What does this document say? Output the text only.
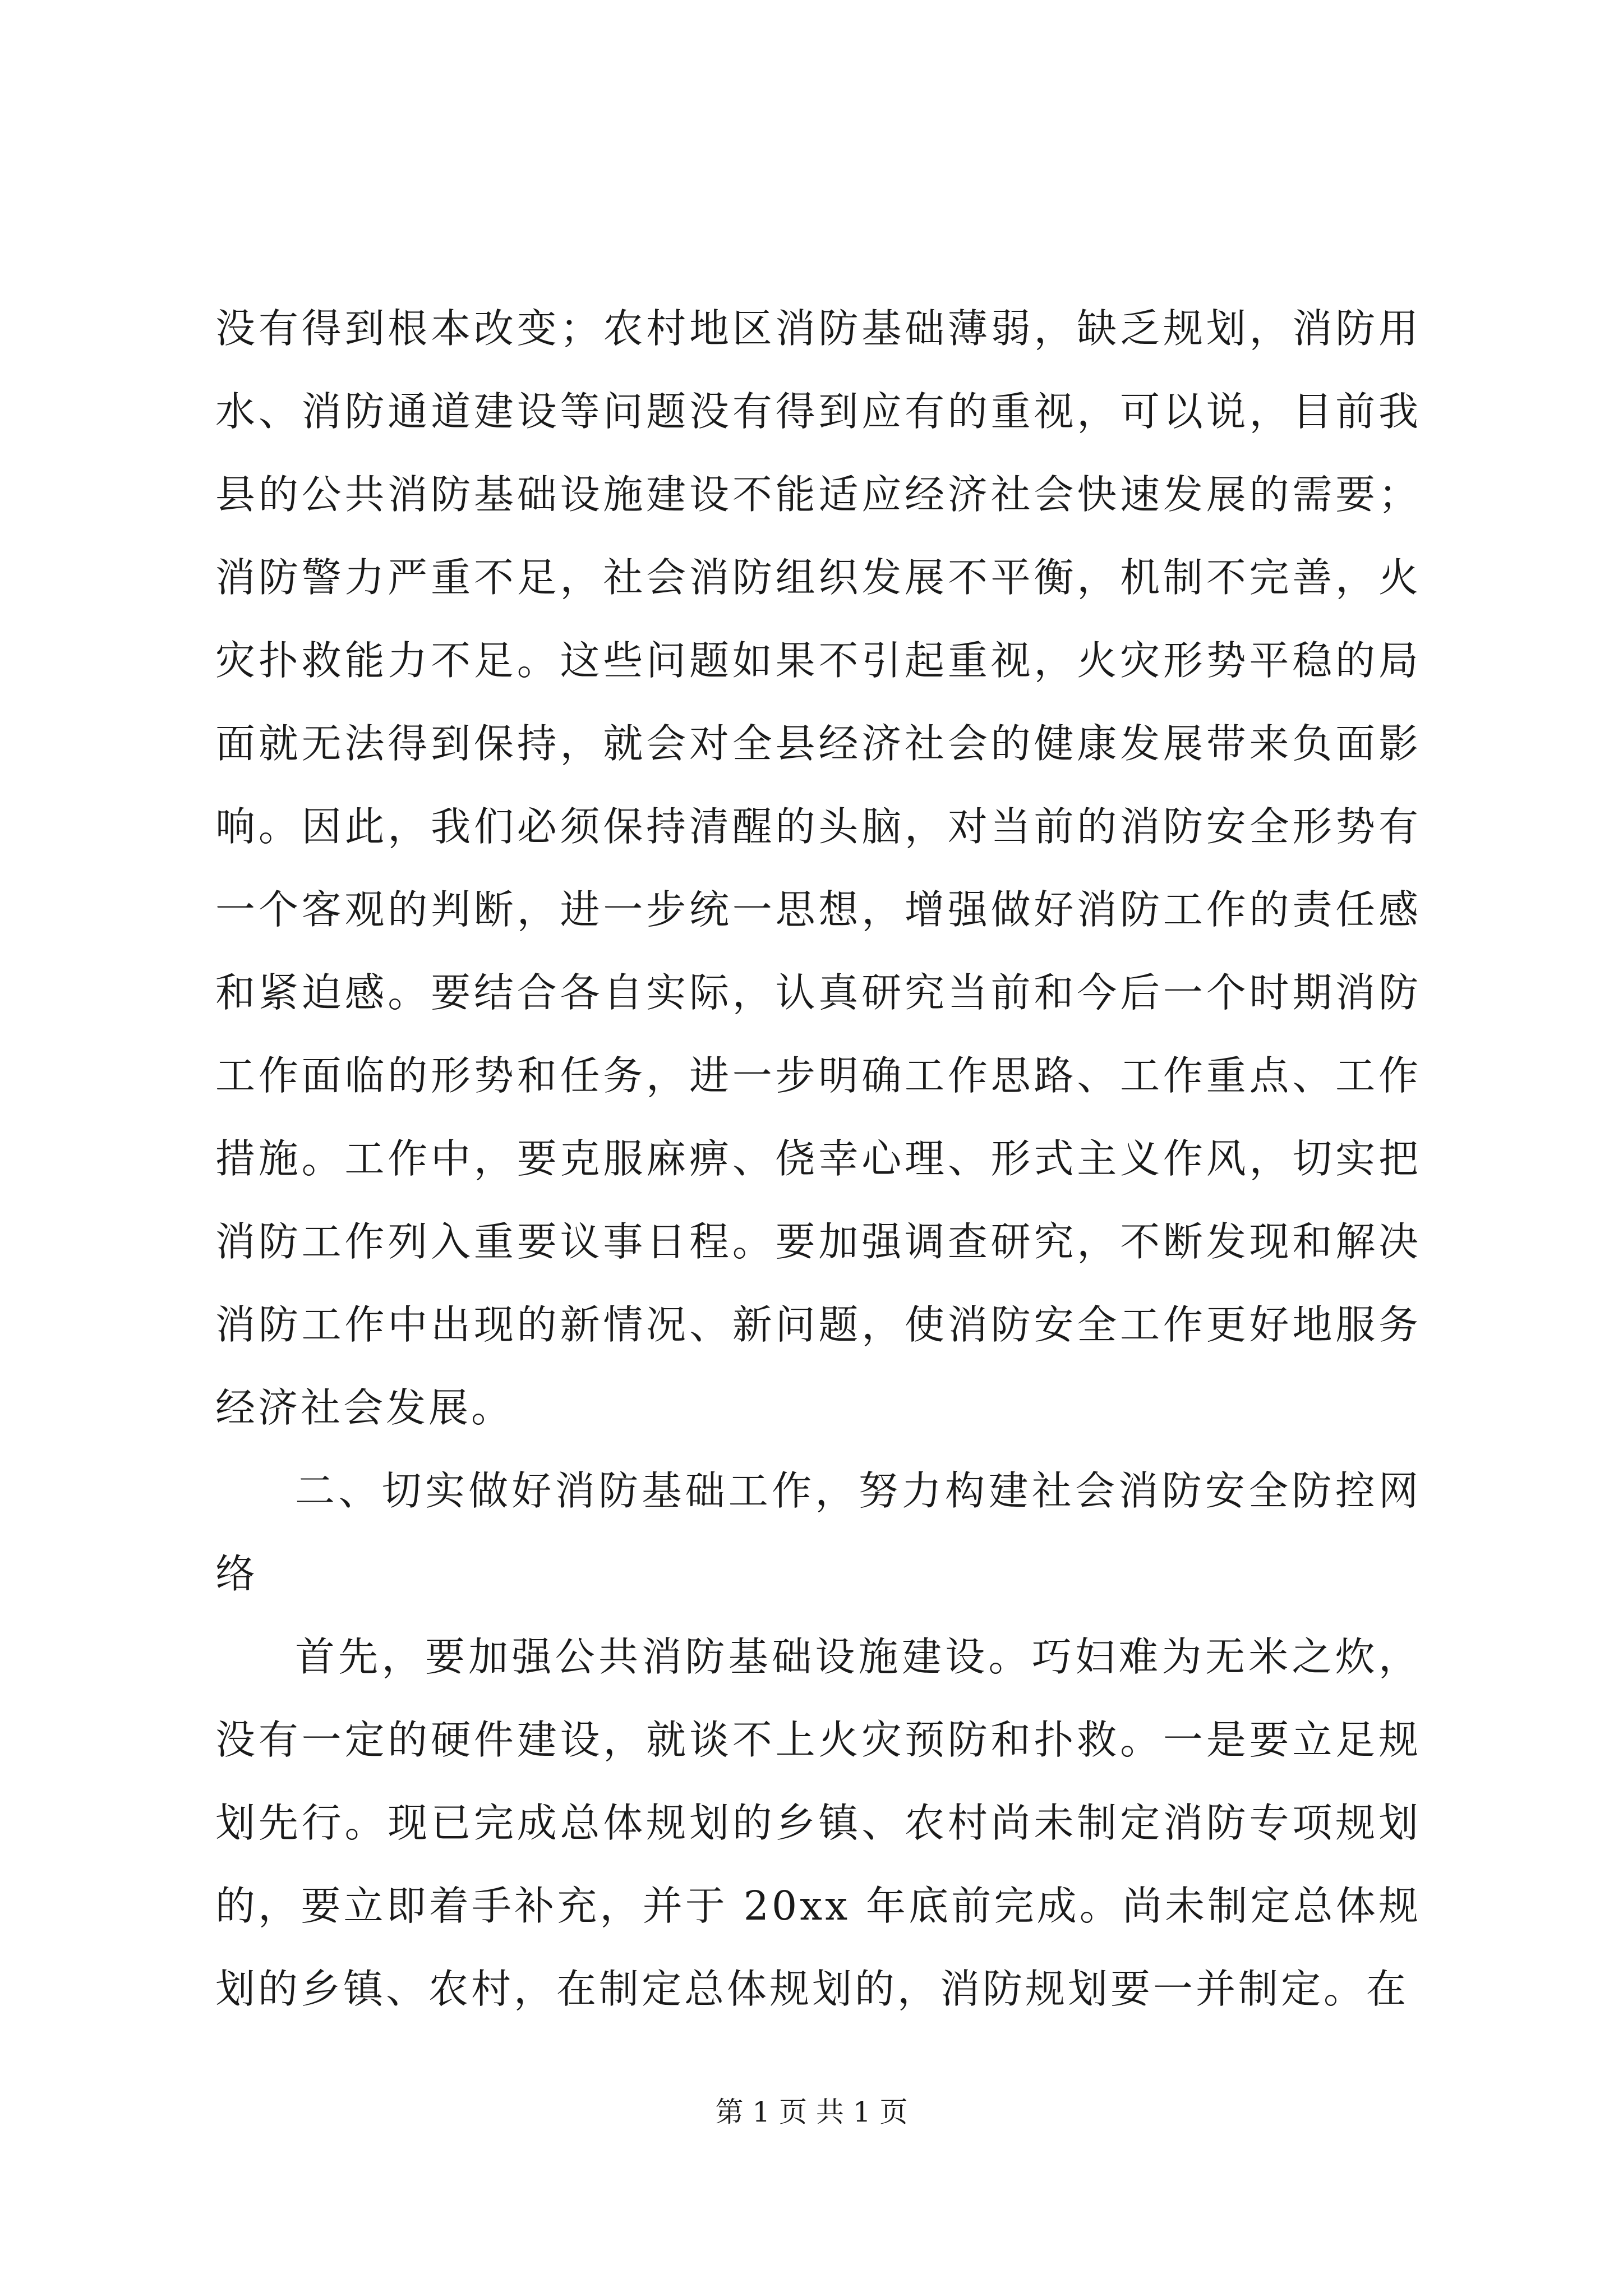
没有得到根本改变；农村地区消防基础薄弱，缺乏规划，消防用水、消防通道建设等问题没有得到应有的重视，可以说，目前我县的公共消防基础设施建设不能适应经济社会快速发展的需要；消防警力严重不足，社会消防组织发展不平衡，机制不完善，火灾扑救能力不足。这些问题如果不引起重视，火灾形势平稳的局面就无法得到保持，就会对全县经济社会的健康发展带来负面影响。因此，我们必须保持清醒的头脑，对当前的消防安全形势有一个客观的判断，进一步统一思想，增强做好消防工作的责任感和紧迫感。要结合各自实际，认真研究当前和今后一个时期消防工作面临的形势和任务，进一步明确工作思路、工作重点、工作措施。工作中，要克服麻痹、侥幸心理、形式主义作风，切实把消防工作列入重要议事日程。要加强调查研究，不断发现和解决消防工作中出现的新情况、新问题，使消防安全工作更好地服务经济社会发展。

二、切实做好消防基础工作，努力构建社会消防安全防控网络

首先，要加强公共消防基础设施建设。巧妇难为无米之炊，没有一定的硬件建设，就谈不上火灾预防和扑救。一是要立足规划先行。现已完成总体规划的乡镇、农村尚未制定消防专项规划的，要立即着手补充，并于 20xx 年底前完成。尚未制定总体规划的乡镇、农村，在制定总体规划的，消防规划要一并制定。在

第 1 页 共 1 页
